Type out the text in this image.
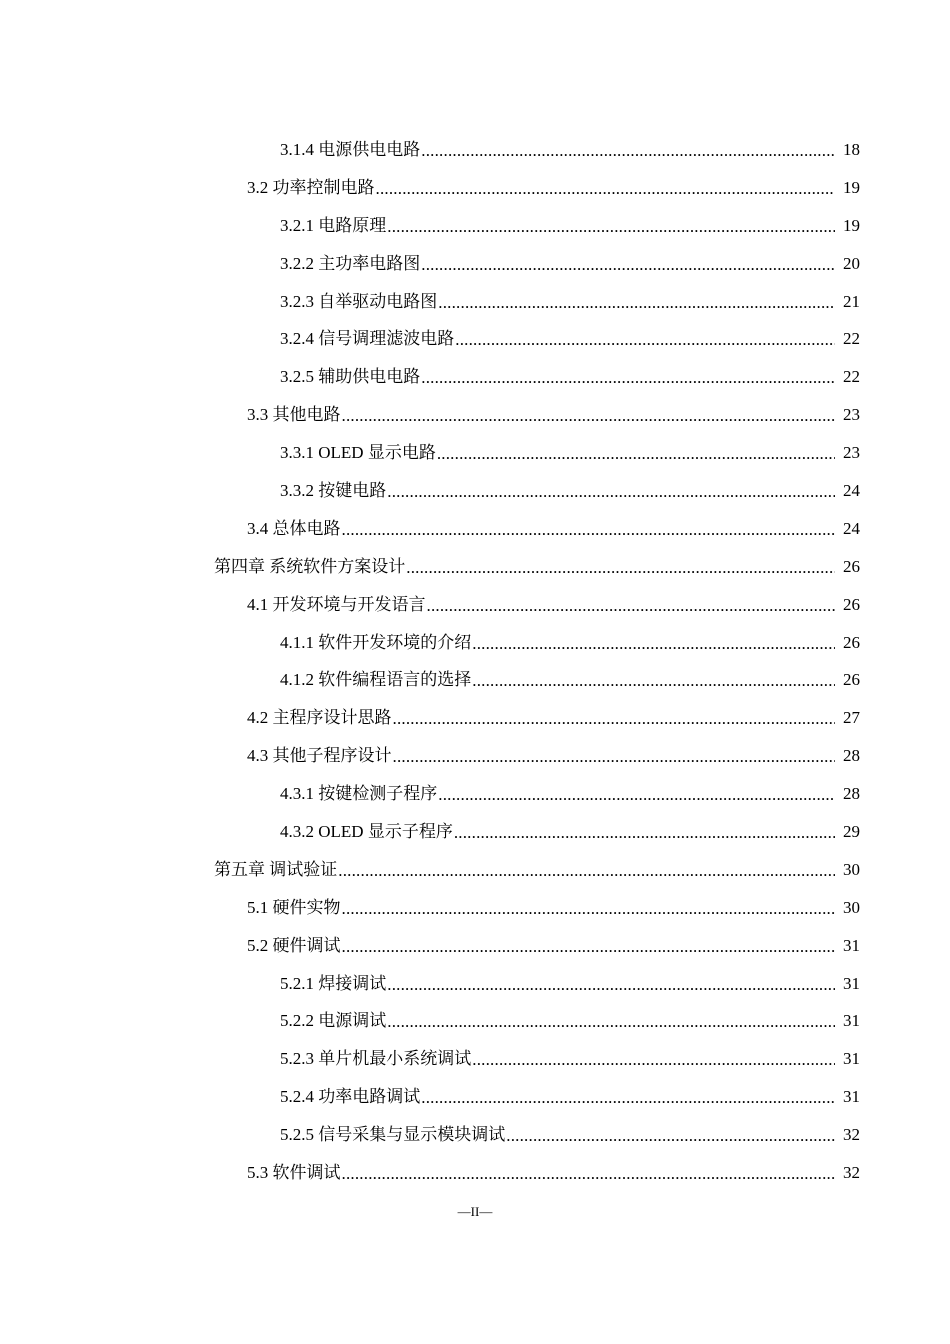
3.1.4 电源供电电路 .....	18
3.2 功率控制电路 .....	19
3.2.1 电路原理 .....	19
3.2.2 主功率电路图 .....	20
3.2.3 自举驱动电路图 .....	21
3.2.4 信号调理滤波电路 .....	22
3.2.5 辅助供电电路 .....	22
3.3 其他电路 .....	23
3.3.1 OLED 显示电路 .....	23
3.3.2 按键电路 .....	24
3.4 总体电路 .....	24
第四章 系统软件方案设计 .....	26
4.1 开发环境与开发语言 .....	26
4.1.1 软件开发环境的介绍 .....	26
4.1.2 软件编程语言的选择 .....	26
4.2 主程序设计思路 .....	27
4.3 其他子程序设计 .....	28
4.3.1 按键检测子程序 .....	28
4.3.2 OLED 显示子程序 .....	29
第五章 调试验证 .....	30
5.1 硬件实物 .....	30
5.2 硬件调试 .....	31
5.2.1 焊接调试 .....	31
5.2.2 电源调试 .....	31
5.2.3 单片机最小系统调试 .....	31
5.2.4 功率电路调试 .....	31
5.2.5 信号采集与显示模块调试 .....	32
5.3 软件调试 .....	32
—II—
